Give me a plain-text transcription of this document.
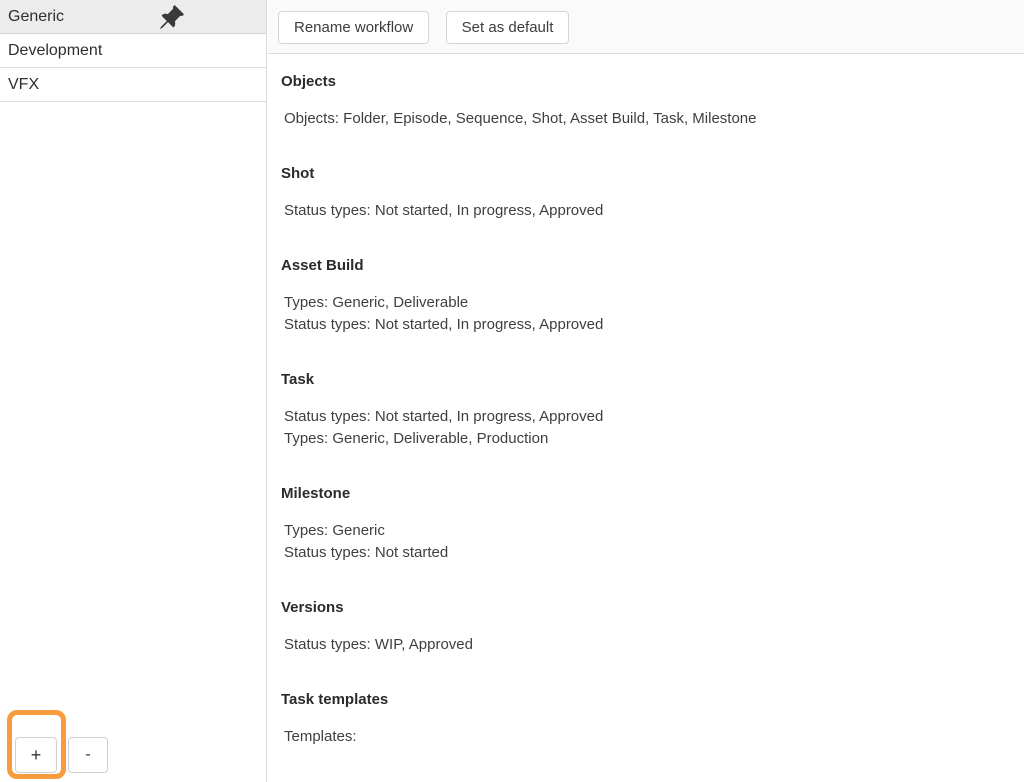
Generic
Development
VFX
+	-
Rename workflow	Set as default
Objects
Objects: Folder, Episode, Sequence, Shot, Asset Build, Task, Milestone
Shot
Status types: Not started, In progress, Approved
Asset Build
Types: Generic, Deliverable
Status types: Not started, In progress, Approved
Task
Status types: Not started, In progress, Approved
Types: Generic, Deliverable, Production
Milestone
Types: Generic
Status types: Not started
Versions
Status types: WIP, Approved
Task templates
Templates:
